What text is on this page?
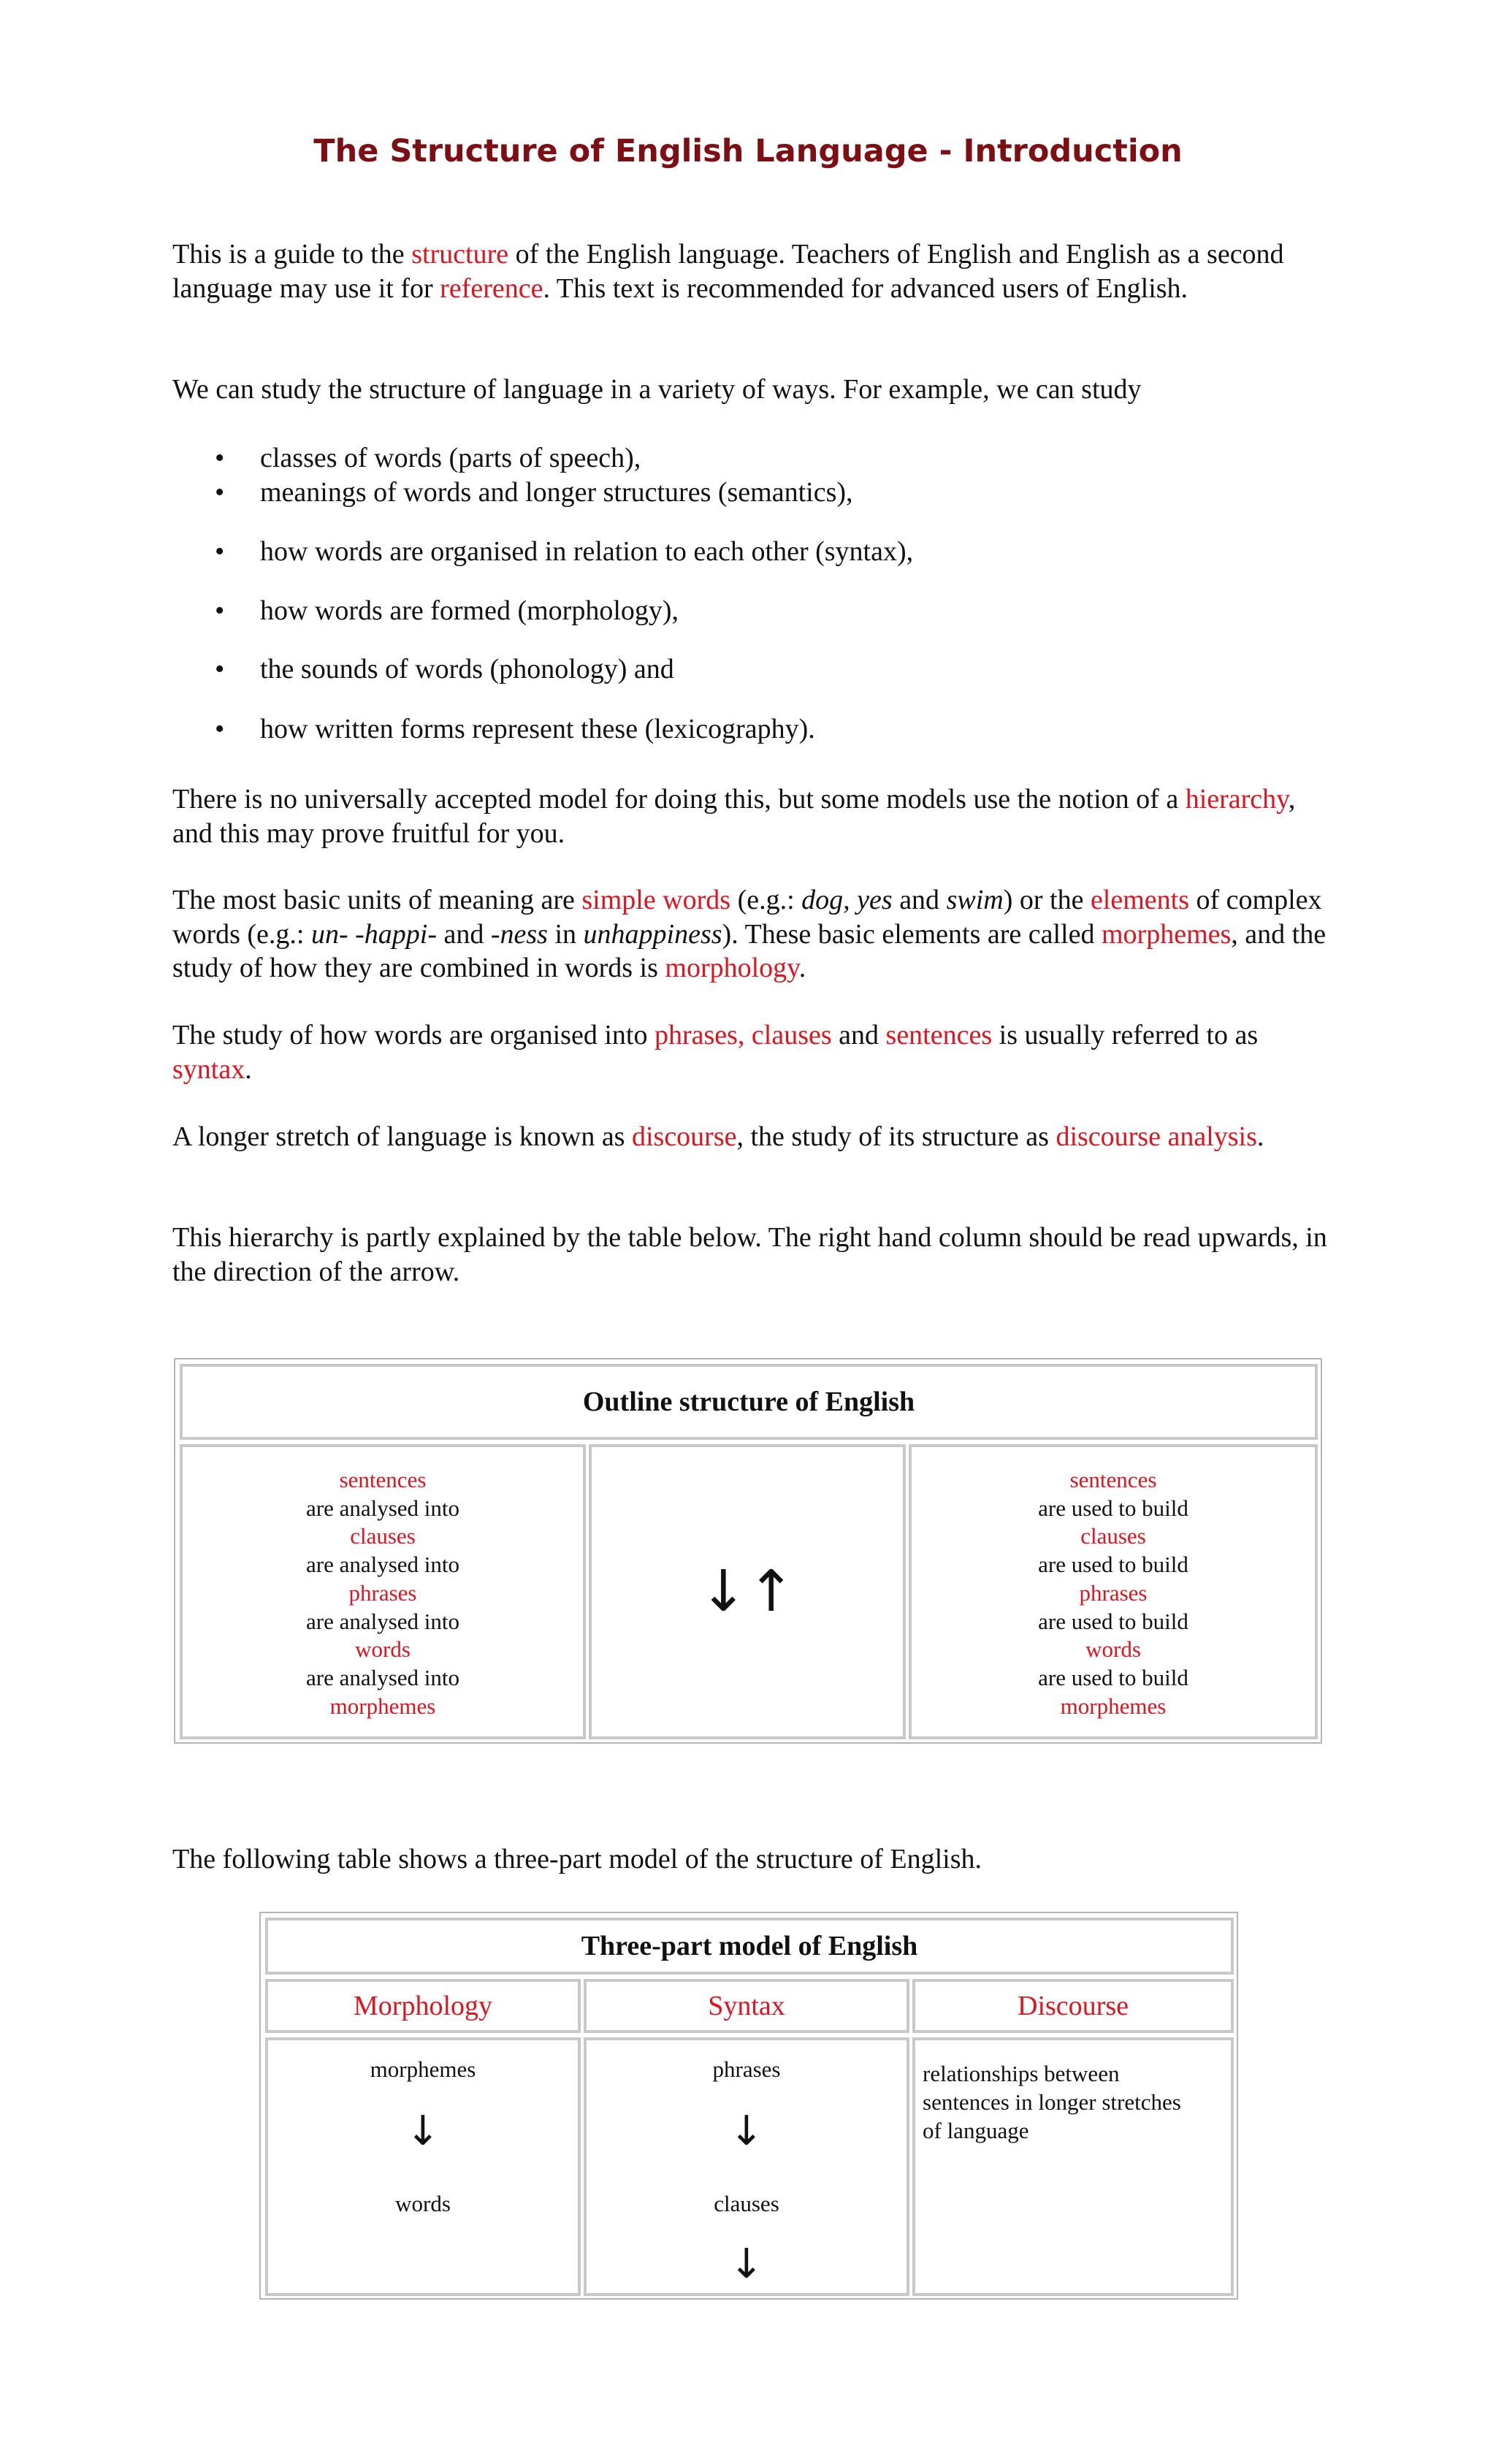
The Structure of English Language - Introduction

This is a guide to the structure of the English language. Teachers of English and English as a second language may use it for reference. This text is recommended for advanced users of English.

We can study the structure of language in a variety of ways. For example, we can study

• classes of words (parts of speech),
• meanings of words and longer structures (semantics),
• how words are organised in relation to each other (syntax),
• how words are formed (morphology),
• the sounds of words (phonology) and
• how written forms represent these (lexicography).

There is no universally accepted model for doing this, but some models use the notion of a hierarchy, and this may prove fruitful for you.

The most basic units of meaning are simple words (e.g.: dog, yes and swim) or the elements of complex words (e.g.: un- -happi- and -ness in unhappiness). These basic elements are called morphemes, and the study of how they are combined in words is morphology.

The study of how words are organised into phrases, clauses and sentences is usually referred to as syntax.

A longer stretch of language is known as discourse, the study of its structure as discourse analysis.

This hierarchy is partly explained by the table below. The right hand column should be read upwards, in the direction of the arrow.

Outline structure of English
sentences
are analysed into
clauses
are analysed into
phrases
are analysed into
words
are analysed into
morphemes
↓↑
sentences
are used to build
clauses
are used to build
phrases
are used to build
words
are used to build
morphemes

The following table shows a three-part model of the structure of English.

Three-part model of English
Morphology	Syntax	Discourse
morphemes
↓
words
phrases
↓
clauses
↓
relationships between sentences in longer stretches of language
